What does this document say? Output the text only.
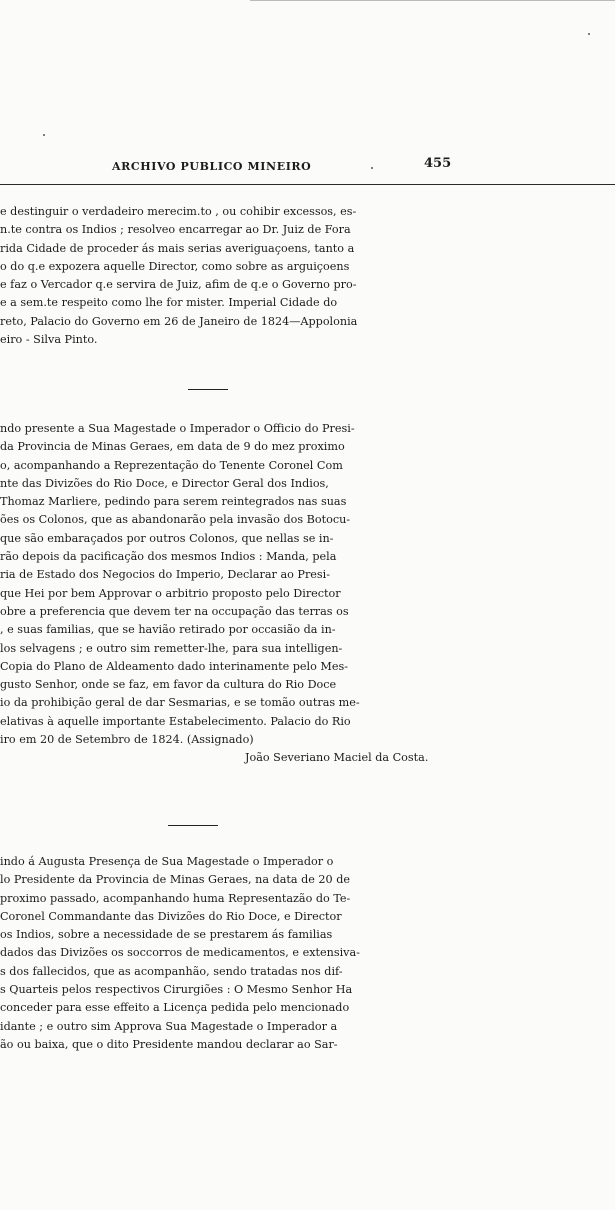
ARCHIVO PUBLICO MINEIRO	455
e destinguir o verdadeiro merecim.to , ou cohibir excessos, es-
n.te contra os Indios ; resolveo encarregar ao Dr. Juiz de Fora
rida Cidade de proceder ás mais serias averiguaçoens, tanto a
o do q.e expozera aquelle Director, como sobre as arguiçoens
e faz o Vercador q.e servira de Juiz, afim de q.e o Governo pro-
e a sem.te respeito como lhe for mister. Imperial Cidade do
reto, Palacio do Governo em 26 de Janeiro de 1824—Appolonia
eiro - Silva Pinto.
ndo presente a Sua Magestade o Imperador o Officio do Presi-
da Provincia de Minas Geraes, em data de 9 do mez proximo
o, acompanhando a Reprezentação do Tenente Coronel Com
nte das Divizões do Rio Doce, e Director Geral dos Indios,
Thomaz Marliere, pedindo para serem reintegrados nas suas
ões os Colonos, que as abandonarão pela invasão dos Botocu-
que são embaraçados por outros Colonos, que nellas se in-
rão depois da pacificação dos mesmos Indios : Manda, pela
ria de Estado dos Negocios do Imperio, Declarar ao Presi-
que Hei por bem Approvar o arbitrio proposto pelo Director
obre a preferencia que devem ter na occupação das terras os
, e suas familias, que se havião retirado por occasião da in-
los selvagens ; e outro sim remetter-lhe, para sua intelligen-
Copia do Plano de Aldeamento dado interinamente pelo Mes-
gusto Senhor, onde se faz, em favor da cultura do Rio Doce
io da prohibição geral de dar Sesmarias, e se tomão outras me-
elativas à aquelle importante Estabelecimento. Palacio do Rio
iro em 20 de Setembro de 1824. (Assignado)
João Severiano Maciel da Costa.
indo á Augusta Presença de Sua Magestade o Imperador o
lo Presidente da Provincia de Minas Geraes, na data de 20 de
proximo passado, acompanhando huma Representazão do Te-
Coronel Commandante das Divizões do Rio Doce, e Director
os Indios, sobre a necessidade de se prestarem ás familias
dados das Divizões os soccorros de medicamentos, e extensiva-
s dos fallecidos, que as acompanhão, sendo tratadas nos dif-
s Quarteis pelos respectivos Cirurgiões : O Mesmo Senhor Ha
conceder para esse effeito a Licença pedida pelo mencionado
idante ; e outro sim Approva Sua Magestade o Imperador a
ão ou baixa, que o dito Presidente mandou declarar ao Sar-
